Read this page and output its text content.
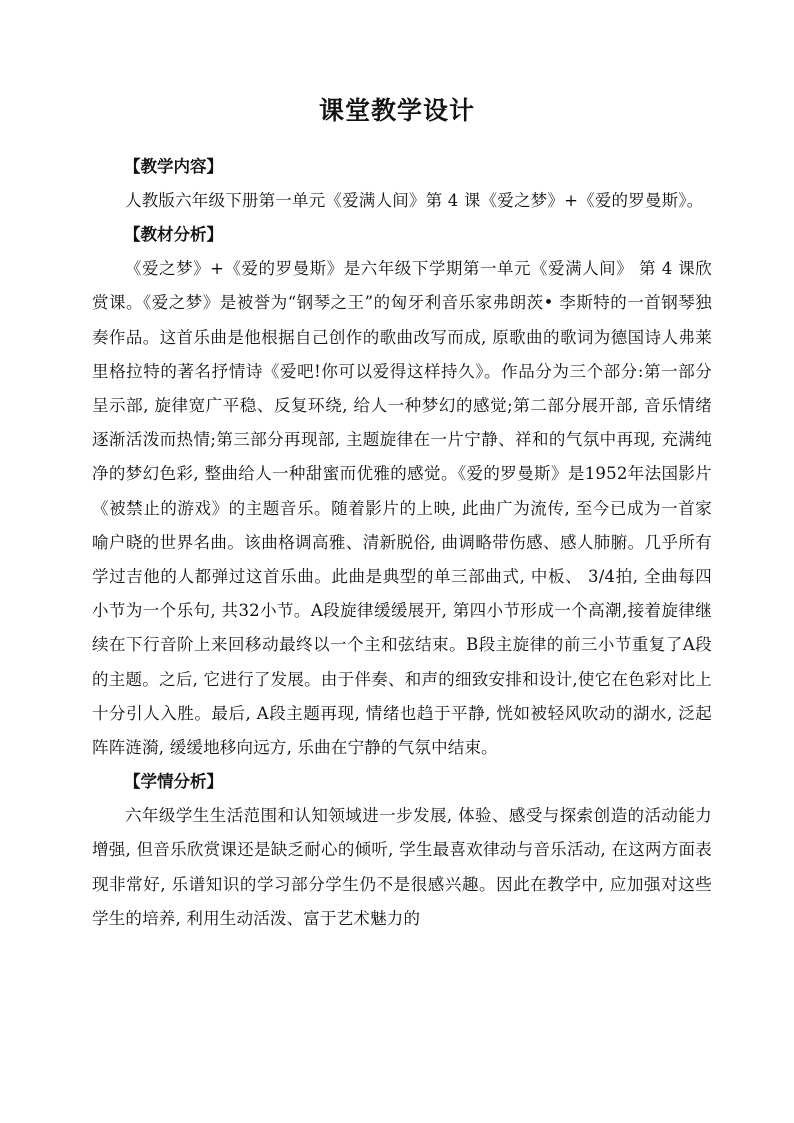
课堂教学设计
【教学内容】

人教版六年级下册第一单元《爱满人间》第 4 课《爱之梦》+《爱的罗曼斯》。

【教材分析】

《爱之梦》+《爱的罗曼斯》是六年级下学期第一单元《爱满人间》 第 4 课欣赏课。《爱之梦》是被誉为“钢琴之王”的匈牙利音乐家弗朗茨• 李斯特的一首钢琴独奏作品。这首乐曲是他根据自己创作的歌曲改写而成, 原歌曲的歌词为德国诗人弗莱里格拉特的著名抒情诗《爱吧!你可以爱得这样持久》。作品分为三个部分:第一部分呈示部, 旋律宽广平稳、反复环绕, 给人一种梦幻的感觉;第二部分展开部, 音乐情绪逐渐活泼而热情;第三部分再现部, 主题旋律在一片宁静、祥和的气氛中再现, 充满纯净的梦幻色彩, 整曲给人一种甜蜜而优雅的感觉。《爱的罗曼斯》是1952年法国影片《被禁止的游戏》的主题音乐。随着影片的上映, 此曲广为流传, 至今已成为一首家喻户晓的世界名曲。该曲格调高雅、清新脱俗, 曲调略带伤感、感人肺腑。几乎所有学过吉他的人都弹过这首乐曲。此曲是典型的单三部曲式, 中板、 3/4拍, 全曲每四小节为一个乐句, 共32小节。A段旋律缓缓展开, 第四小节形成一个高潮,接着旋律继续在下行音阶上来回移动最终以一个主和弦结束。B段主旋律的前三小节重复了A段的主题。之后, 它进行了发展。由于伴奏、和声的细致安排和设计,使它在色彩对比上十分引人入胜。最后, A段主题再现, 情绪也趋于平静, 恍如被轻风吹动的湖水, 泛起阵阵涟漪, 缓缓地移向远方, 乐曲在宁静的气氛中结束。

【学情分析】

六年级学生生活范围和认知领域进一步发展, 体验、感受与探索创造的活动能力增强, 但音乐欣赏课还是缺乏耐心的倾听, 学生最喜欢律动与音乐活动, 在这两方面表现非常好, 乐谱知识的学习部分学生仍不是很感兴趣。因此在教学中, 应加强对这些学生的培养, 利用生动活泼、富于艺术魅力的
